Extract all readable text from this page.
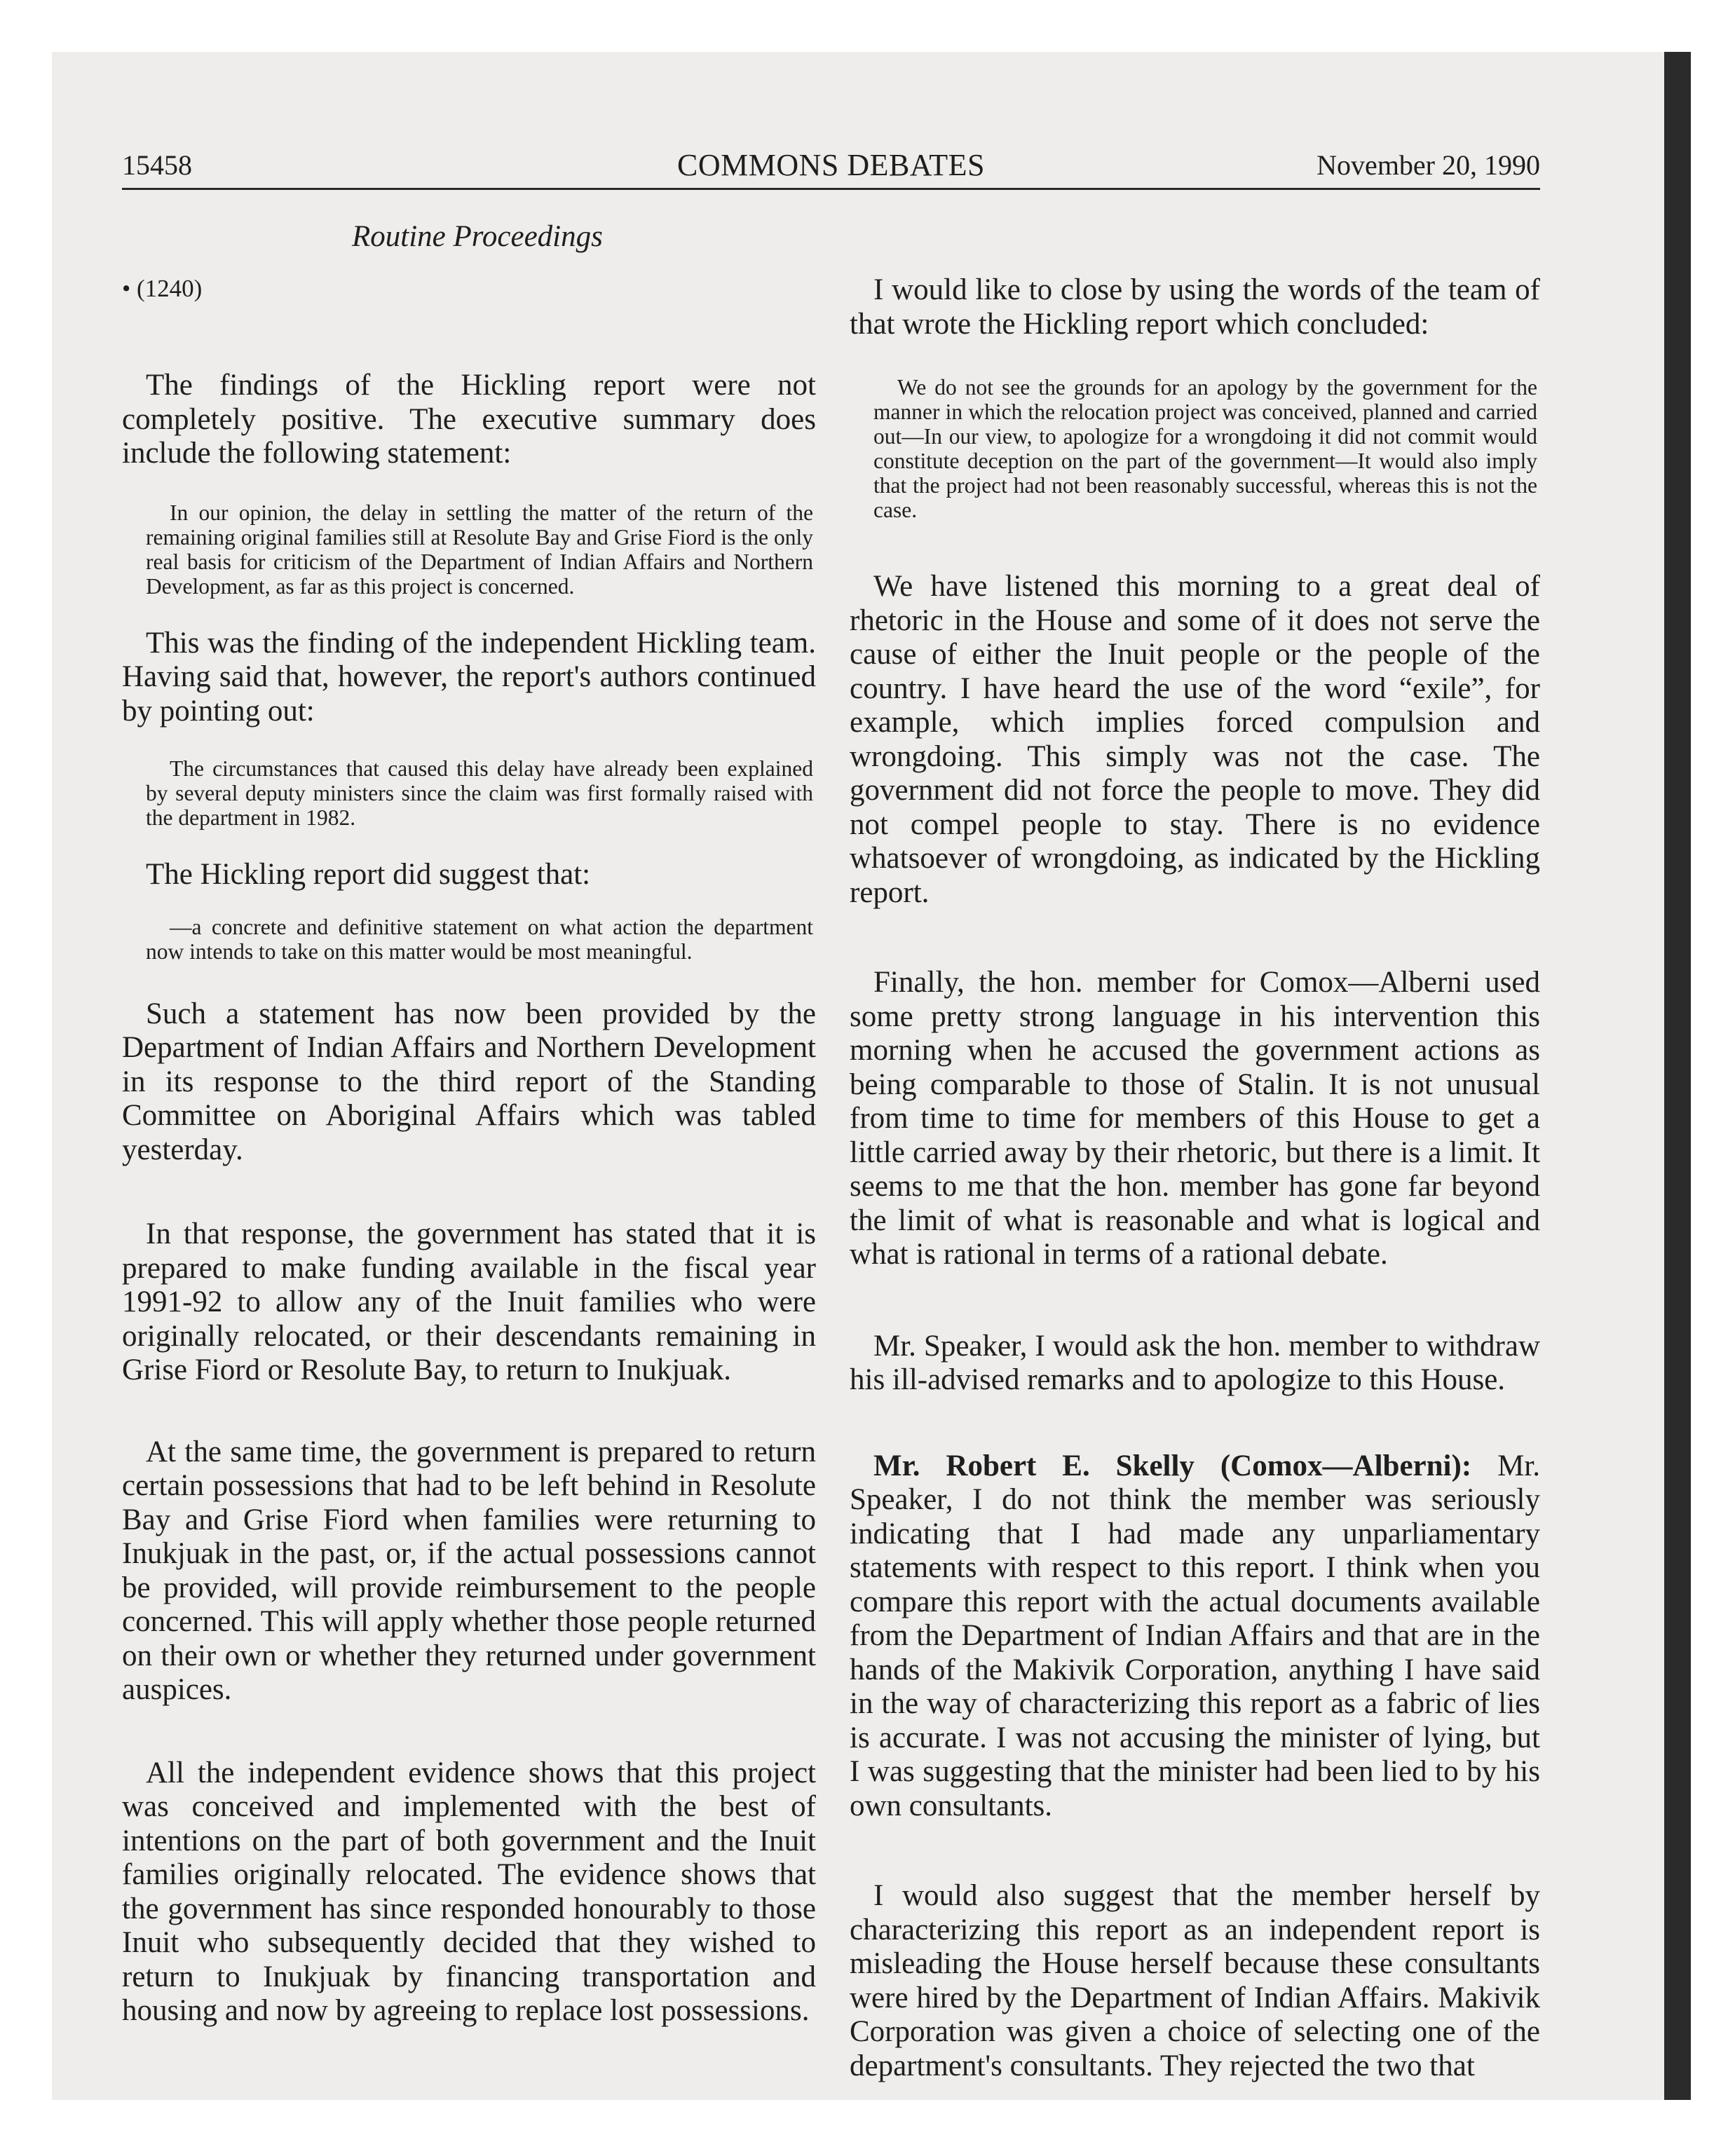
15458	COMMONS DEBATES	November 20, 1990
Routine Proceedings

• (1240)

The findings of the Hickling report were not completely positive. The executive summary does include the following statement:

In our opinion, the delay in settling the matter of the return of the remaining original families still at Resolute Bay and Grise Fiord is the only real basis for criticism of the Department of Indian Affairs and Northern Development, as far as this project is concerned.

This was the finding of the independent Hickling team. Having said that, however, the report's authors continued by pointing out:

The circumstances that caused this delay have already been explained by several deputy ministers since the claim was first formally raised with the department in 1982.

The Hickling report did suggest that:

—a concrete and definitive statement on what action the department now intends to take on this matter would be most meaningful.

Such a statement has now been provided by the Department of Indian Affairs and Northern Development in its response to the third report of the Standing Committee on Aboriginal Affairs which was tabled yesterday.

In that response, the government has stated that it is prepared to make funding available in the fiscal year 1991-92 to allow any of the Inuit families who were originally relocated, or their descendants remaining in Grise Fiord or Resolute Bay, to return to Inukjuak.

At the same time, the government is prepared to return certain possessions that had to be left behind in Resolute Bay and Grise Fiord when families were returning to Inukjuak in the past, or, if the actual possessions cannot be provided, will provide reimbursement to the people concerned. This will apply whether those people returned on their own or whether they returned under government auspices.

All the independent evidence shows that this project was conceived and implemented with the best of intentions on the part of both government and the Inuit families originally relocated. The evidence shows that the government has since responded honourably to those Inuit who subsequently decided that they wished to return to Inukjuak by financing transportation and housing and now by agreeing to replace lost possessions.

I would like to close by using the words of the team of that wrote the Hickling report which concluded:

We do not see the grounds for an apology by the government for the manner in which the relocation project was conceived, planned and carried out—In our view, to apologize for a wrongdoing it did not commit would constitute deception on the part of the government—It would also imply that the project had not been reasonably successful, whereas this is not the case.

We have listened this morning to a great deal of rhetoric in the House and some of it does not serve the cause of either the Inuit people or the people of the country. I have heard the use of the word “exile”, for example, which implies forced compulsion and wrongdoing. This simply was not the case. The government did not force the people to move. They did not compel people to stay. There is no evidence whatsoever of wrongdoing, as indicated by the Hickling report.

Finally, the hon. member for Comox—Alberni used some pretty strong language in his intervention this morning when he accused the government actions as being comparable to those of Stalin. It is not unusual from time to time for members of this House to get a little carried away by their rhetoric, but there is a limit. It seems to me that the hon. member has gone far beyond the limit of what is reasonable and what is logical and what is rational in terms of a rational debate.

Mr. Speaker, I would ask the hon. member to withdraw his ill-advised remarks and to apologize to this House.

Mr. Robert E. Skelly (Comox—Alberni): Mr. Speaker, I do not think the member was seriously indicating that I had made any unparliamentary statements with respect to this report. I think when you compare this report with the actual documents available from the Department of Indian Affairs and that are in the hands of the Makivik Corporation, anything I have said in the way of characterizing this report as a fabric of lies is accurate. I was not accusing the minister of lying, but I was suggesting that the minister had been lied to by his own consultants.

I would also suggest that the member herself by characterizing this report as an independent report is misleading the House herself because these consultants were hired by the Department of Indian Affairs. Makivik Corporation was given a choice of selecting one of the department's consultants. They rejected the two that
